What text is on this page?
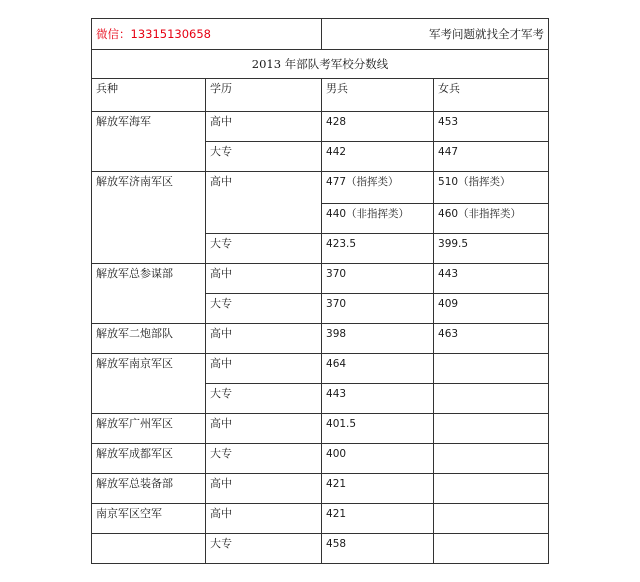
微信：13315130658		军考问题就找全才军考	
2013 年部队考军校分数线			
兵种	学历	男兵	女兵
解放军海军	高中	428	453
	大专	442	447
解放军济南军区	高中	477（指挥类）	510（指挥类）
		440（非指挥类）	460（非指挥类）
	大专	423.5	399.5
解放军总参谋部	高中	370	443
	大专	370	409
解放军二炮部队	高中	398	463
解放军南京军区	高中	464	
	大专	443	
解放军广州军区	高中	401.5	
解放军成都军区	大专	400	
解放军总装备部	高中	421	
南京军区空军	高中	421	
	大专	458	
